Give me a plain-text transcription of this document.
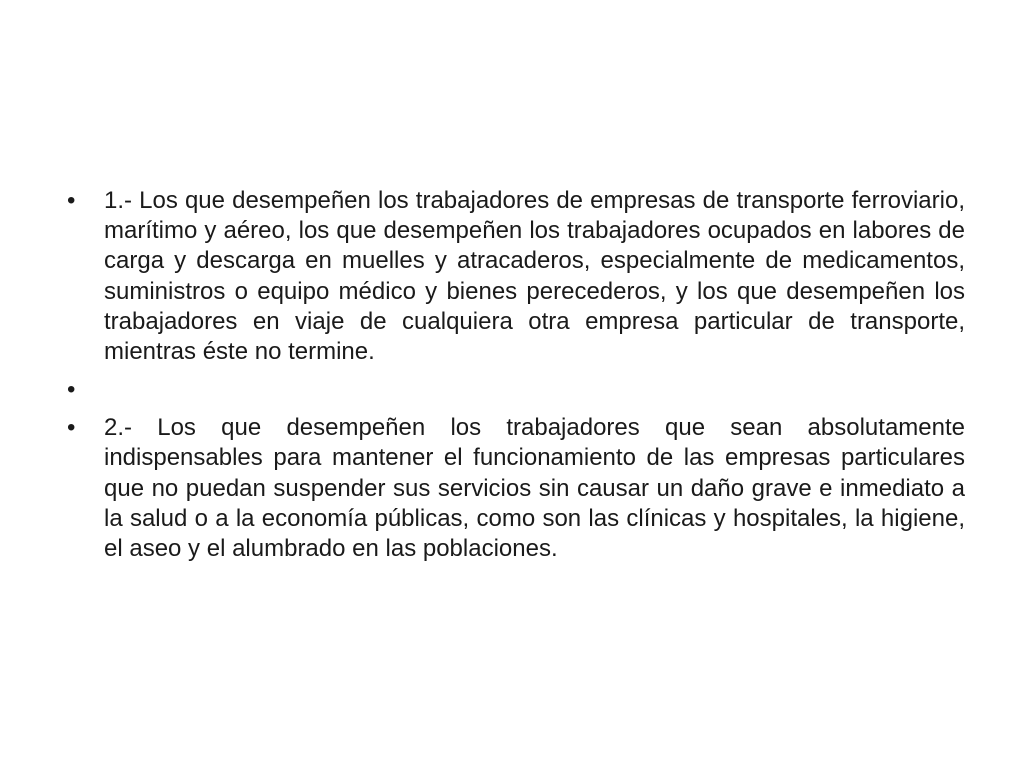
• 1.- Los que desempeñen los trabajadores de empresas de transporte ferroviario, marítimo y aéreo, los que desempeñen los trabajadores ocupados en labores de carga y descarga en muelles y atracaderos, especialmente de medicamentos, suministros o equipo médico y bienes perecederos, y los que desempeñen los trabajadores en viaje de cualquiera otra empresa particular de transporte, mientras éste no termine.
•
• 2.- Los que desempeñen los trabajadores que sean absolutamente indispensables para mantener el funcionamiento de las empresas particulares que no puedan suspender sus servicios sin causar un daño grave e inmediato a la salud o a la economía públicas, como son las clínicas y hospitales, la higiene, el aseo y el alumbrado en las poblaciones.
